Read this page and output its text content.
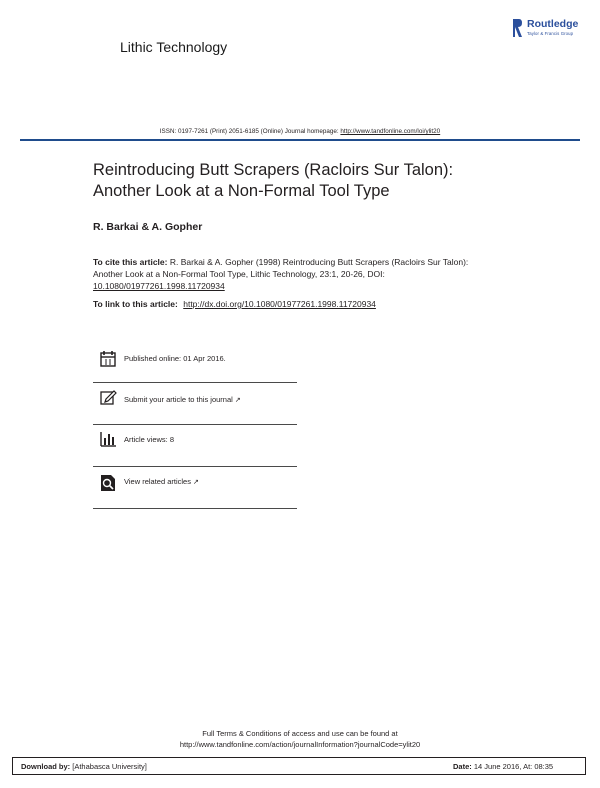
Lithic Technology
Routledge
Taylor & Francis Group
ISSN: 0197-7261 (Print) 2051-6185 (Online) Journal homepage: http://www.tandfonline.com/loi/ylit20
Reintroducing Butt Scrapers (Racloirs Sur Talon):
Another Look at a Non-Formal Tool Type
R. Barkai & A. Gopher
To cite this article: R. Barkai & A. Gopher (1998) Reintroducing Butt Scrapers (Racloirs Sur Talon): Another Look at a Non-Formal Tool Type, Lithic Technology, 23:1, 20-26, DOI: 10.1080/01977261.1998.11720934
To link to this article: http://dx.doi.org/10.1080/01977261.1998.11720934
Published online: 01 Apr 2016.
Submit your article to this journal ↗
Article views: 8
View related articles ↗
Full Terms & Conditions of access and use can be found at
http://www.tandfonline.com/action/journalInformation?journalCode=ylit20
Download by: [Athabasca University]	Date: 14 June 2016, At: 08:35
